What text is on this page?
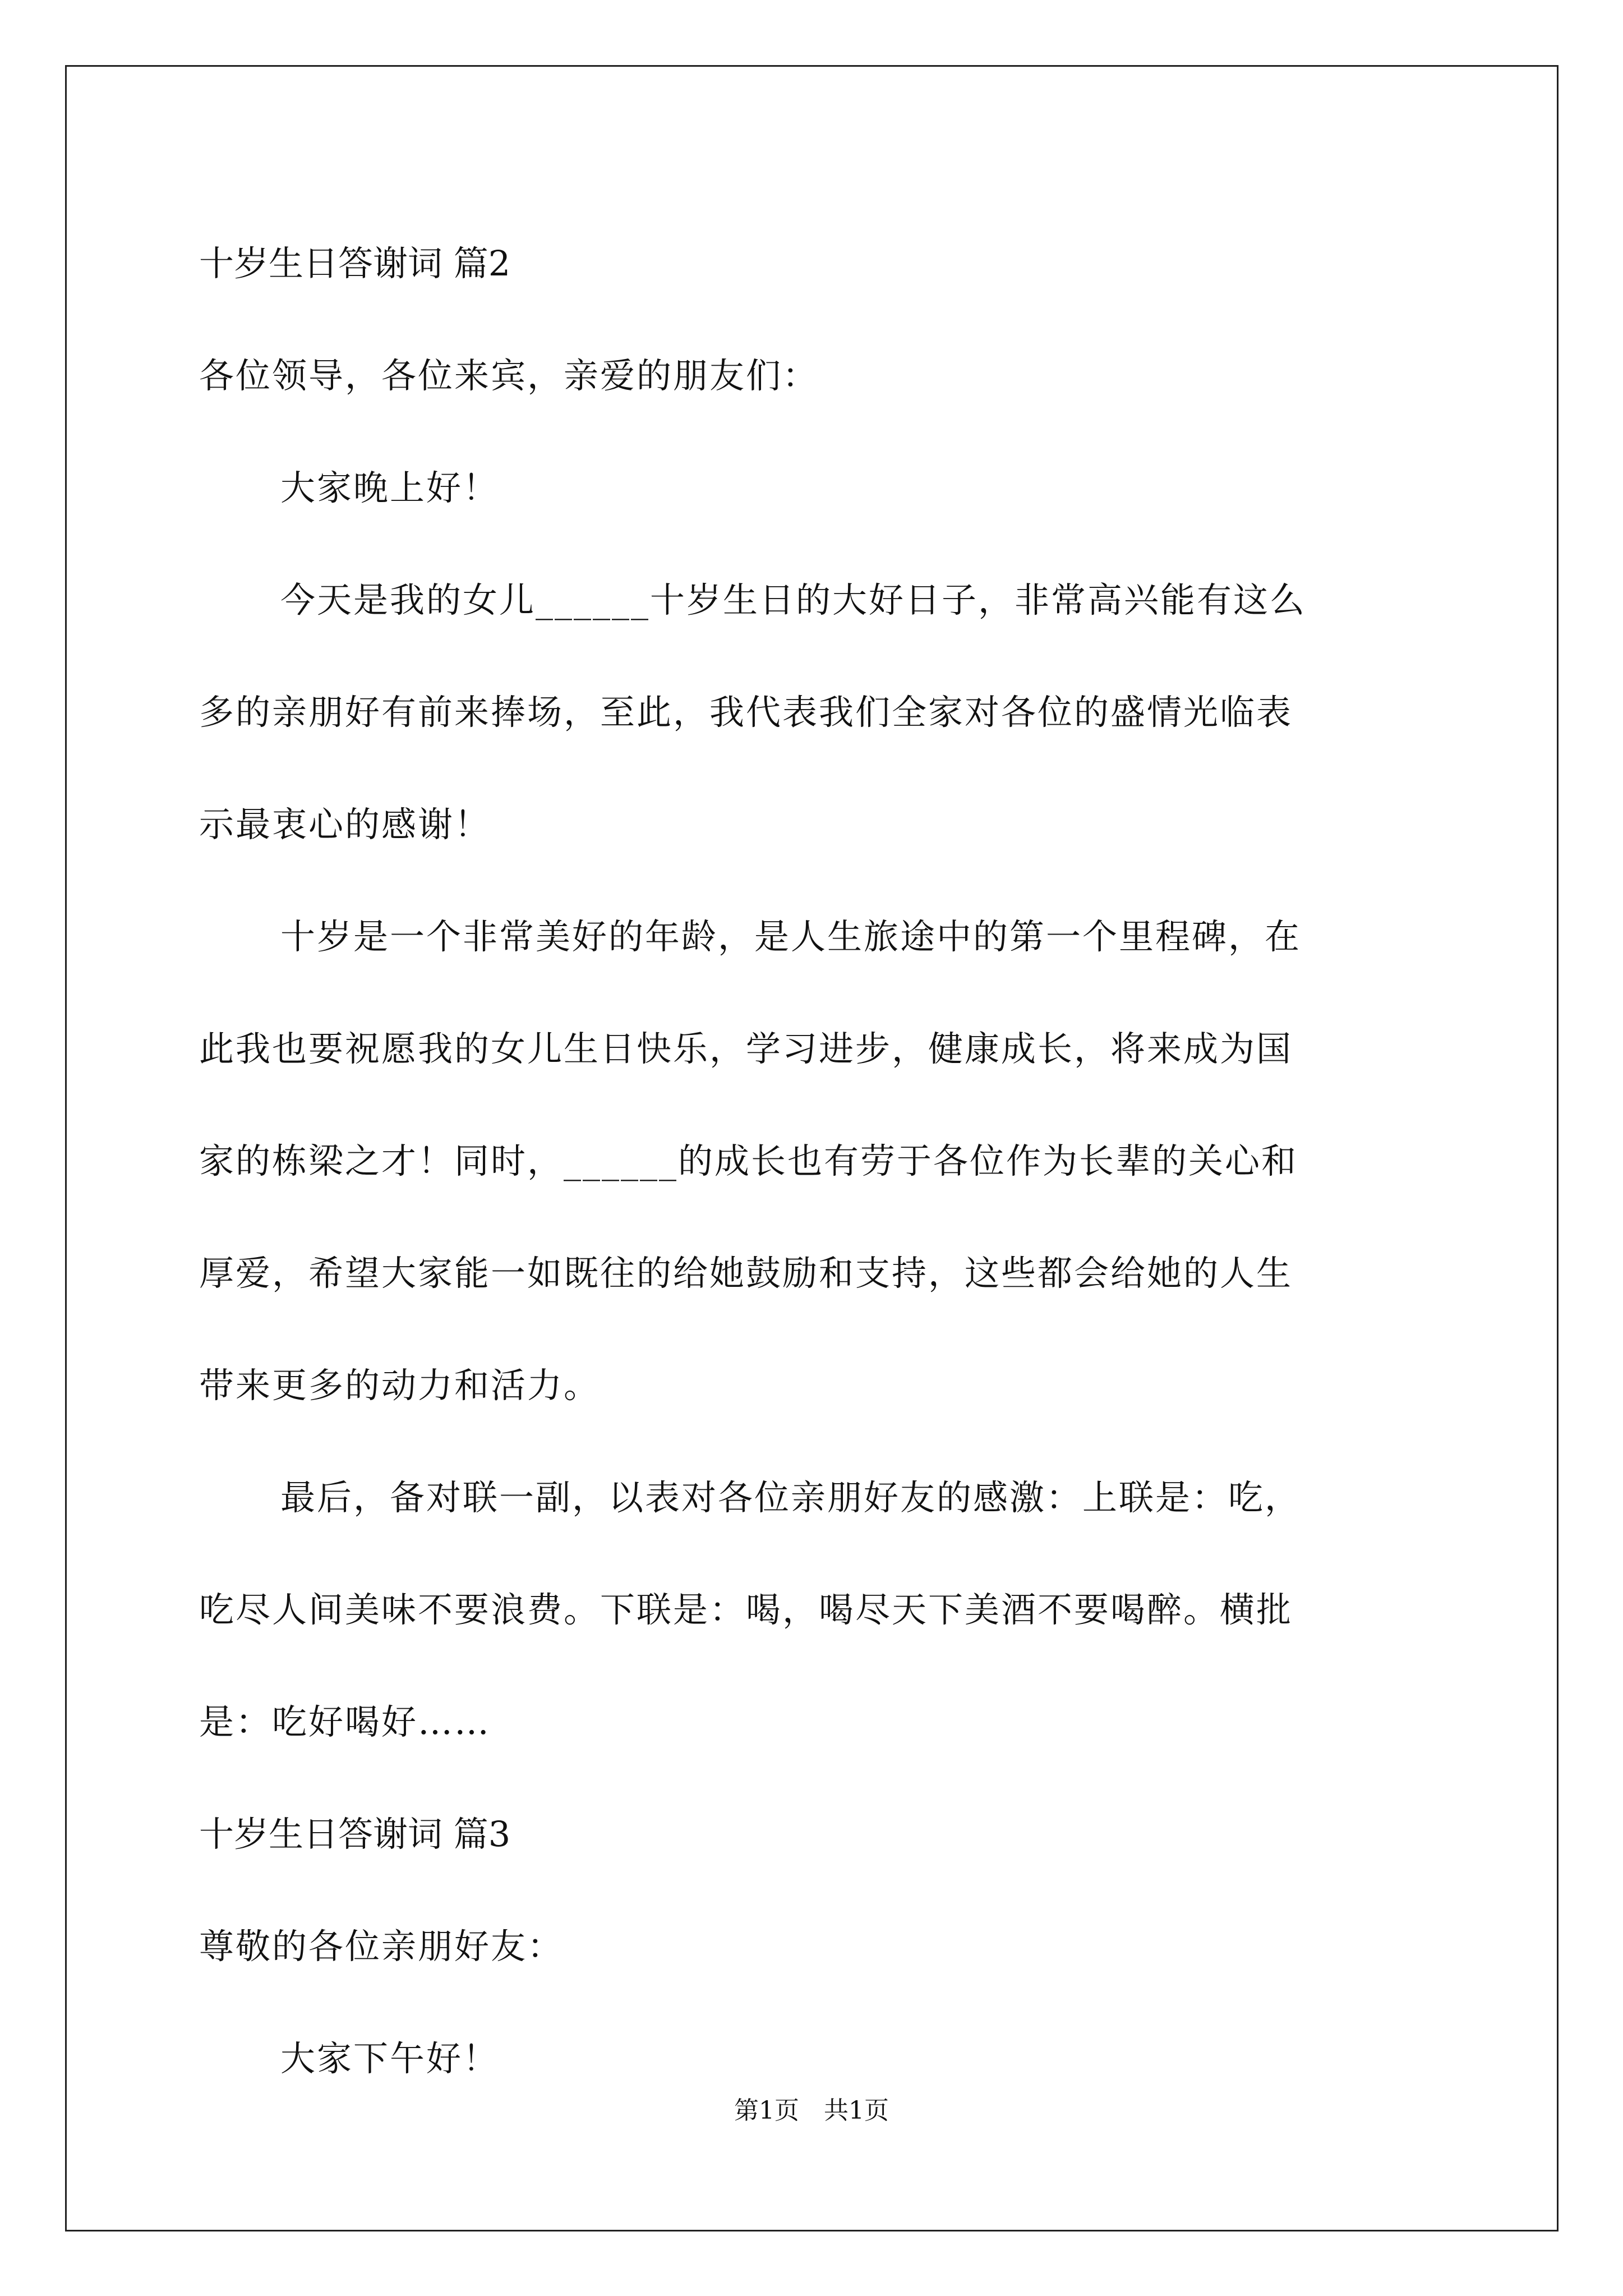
十岁生日答谢词 篇2
各位领导，各位来宾，亲爱的朋友们：
大家晚上好！
今天是我的女儿______十岁生日的大好日子，非常高兴能有这么
多的亲朋好有前来捧场，至此，我代表我们全家对各位的盛情光临表
示最衷心的感谢！
十岁是一个非常美好的年龄，是人生旅途中的第一个里程碑，在
此我也要祝愿我的女儿生日快乐，学习进步，健康成长，将来成为国
家的栋梁之才！同时，______的成长也有劳于各位作为长辈的关心和
厚爱，希望大家能一如既往的给她鼓励和支持，这些都会给她的人生
带来更多的动力和活力。
最后，备对联一副，以表对各位亲朋好友的感激：上联是：吃，
吃尽人间美味不要浪费。下联是：喝，喝尽天下美酒不要喝醉。横批
是：吃好喝好……
十岁生日答谢词 篇3
尊敬的各位亲朋好友：
大家下午好！
第1页　共1页
